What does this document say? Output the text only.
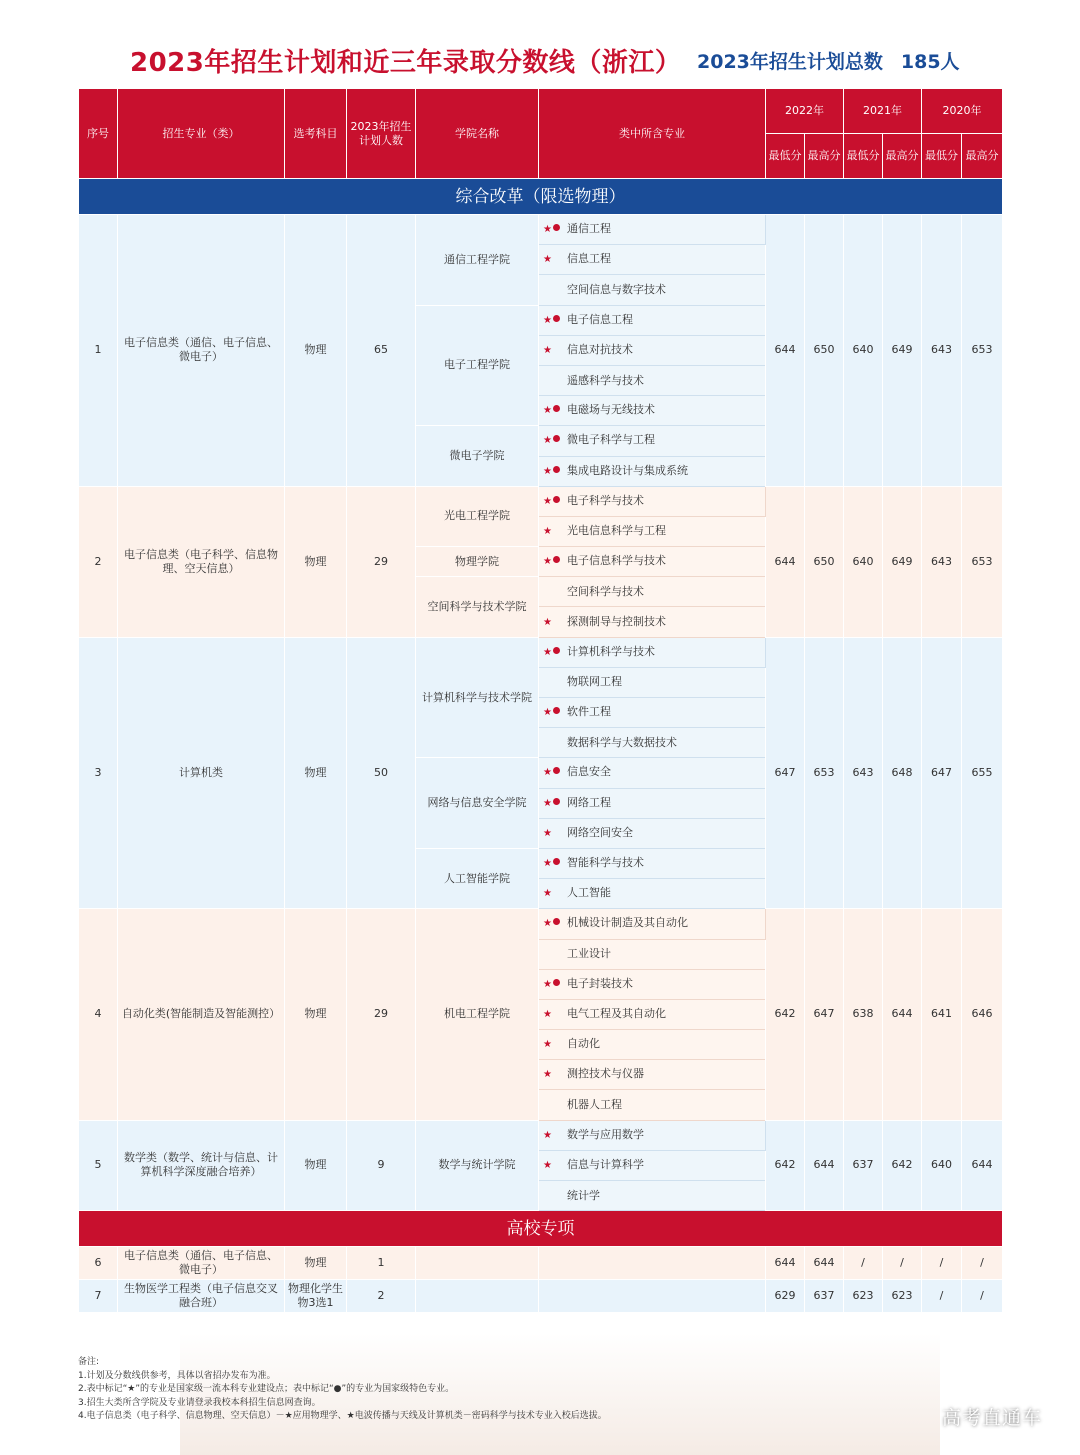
2023年招生计划和近三年录取分数线（浙江） 2023年招生计划总数 185人
序号	招生专业（类）	选考科目	2023年招生计划人数	学院名称	类中所含专业	2022年		2021年		2020年	
						最低分	最高分	最低分	最高分	最低分	最高分
综合改革（限选物理）											
1	电子信息类（通信、电子信息、微电子）	物理	65	通信工程学院	★ 通信工程	644	650	640	649	643	653
					★ 信息工程						
					空间信息与数字技术						
				电子工程学院	★ 电子信息工程						
					★ 信息对抗技术						
					遥感科学与技术						
					★ 电磁场与无线技术						
				微电子学院	★ 微电子科学与工程						
					★ 集成电路设计与集成系统						
2	电子信息类（电子科学、信息物理、空天信息）	物理	29	光电工程学院	★ 电子科学与技术	644	650	640	649	643	653
					★ 光电信息科学与工程						
				物理学院	★ 电子信息科学与技术						
				空间科学与技术学院	空间科学与技术						
					★ 探测制导与控制技术						
3	计算机类	物理	50	计算机科学与技术学院	★ 计算机科学与技术	647	653	643	648	647	655
					物联网工程						
					★ 软件工程						
					数据科学与大数据技术						
				网络与信息安全学院	★ 信息安全						
					★ 网络工程						
					★ 网络空间安全						
				人工智能学院	★ 智能科学与技术						
					★ 人工智能						
4	自动化类(智能制造及智能测控）	物理	29	机电工程学院	★ 机械设计制造及其自动化	642	647	638	644	641	646
					工业设计						
					★ 电子封装技术						
					★ 电气工程及其自动化						
					★ 自动化						
					★ 测控技术与仪器						
					机器人工程						
5	数学类（数学、统计与信息、计算机科学深度融合培养）	物理	9	数学与统计学院	★ 数学与应用数学	642	644	637	642	640	644
					★ 信息与计算科学						
					统计学						
高校专项											
6	电子信息类（通信、电子信息、微电子）	物理	1			644	644	/	/	/	/
7	生物医学工程类（电子信息交叉融合班）	物理化学生物3选1	2			629	637	623	623	/	/
备注:
1.计划及分数线供参考，具体以省招办发布为准。
2.表中标记“★”的专业是国家级一流本科专业建设点；表中标记“●”的专业为国家级特色专业。
3.招生大类所含学院及专业请登录我校本科招生信息网查询。
4.电子信息类（电子科学、信息物理、空天信息）－★应用物理学、★电波传播与天线及计算机类－密码科学与技术专业入校后选拔。	高考直通车
